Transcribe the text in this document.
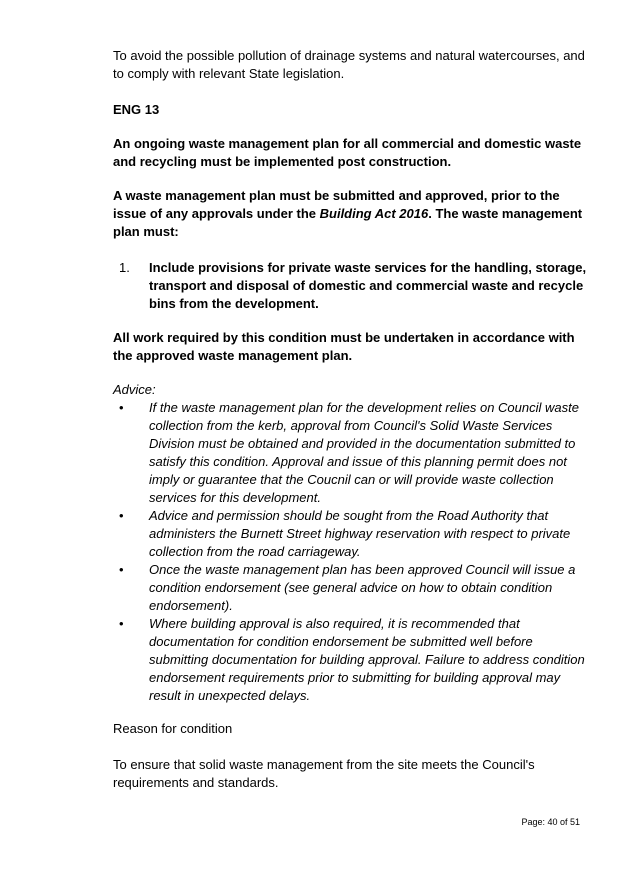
To avoid the possible pollution of drainage systems and natural watercourses, and to comply with relevant State legislation.

ENG 13

An ongoing waste management plan for all commercial and domestic waste and recycling must be implemented post construction.

A waste management plan must be submitted and approved, prior to the issue of any approvals under the Building Act 2016. The waste management plan must:

1.	Include provisions for private waste services for the handling, storage, transport and disposal of domestic and commercial waste and recycle bins from the development.

All work required by this condition must be undertaken in accordance with the approved waste management plan.

Advice:

•	If the waste management plan for the development relies on Council waste collection from the kerb, approval from Council's Solid Waste Services Division must be obtained and provided in the documentation submitted to satisfy this condition. Approval and issue of this planning permit does not imply or guarantee that the Coucnil can or will provide waste collection services for this development.
•	Advice and permission should be sought from the Road Authority that administers the Burnett Street highway reservation with respect to private collection from the road carriageway.
•	Once the waste management plan has been approved Council will issue a condition endorsement (see general advice on how to obtain condition endorsement).
•	Where building approval is also required, it is recommended that documentation for condition endorsement be submitted well before submitting documentation for building approval. Failure to address condition endorsement requirements prior to submitting for building approval may result in unexpected delays.

Reason for condition

To ensure that solid waste management from the site meets the Council's requirements and standards.

Page: 40 of 51
